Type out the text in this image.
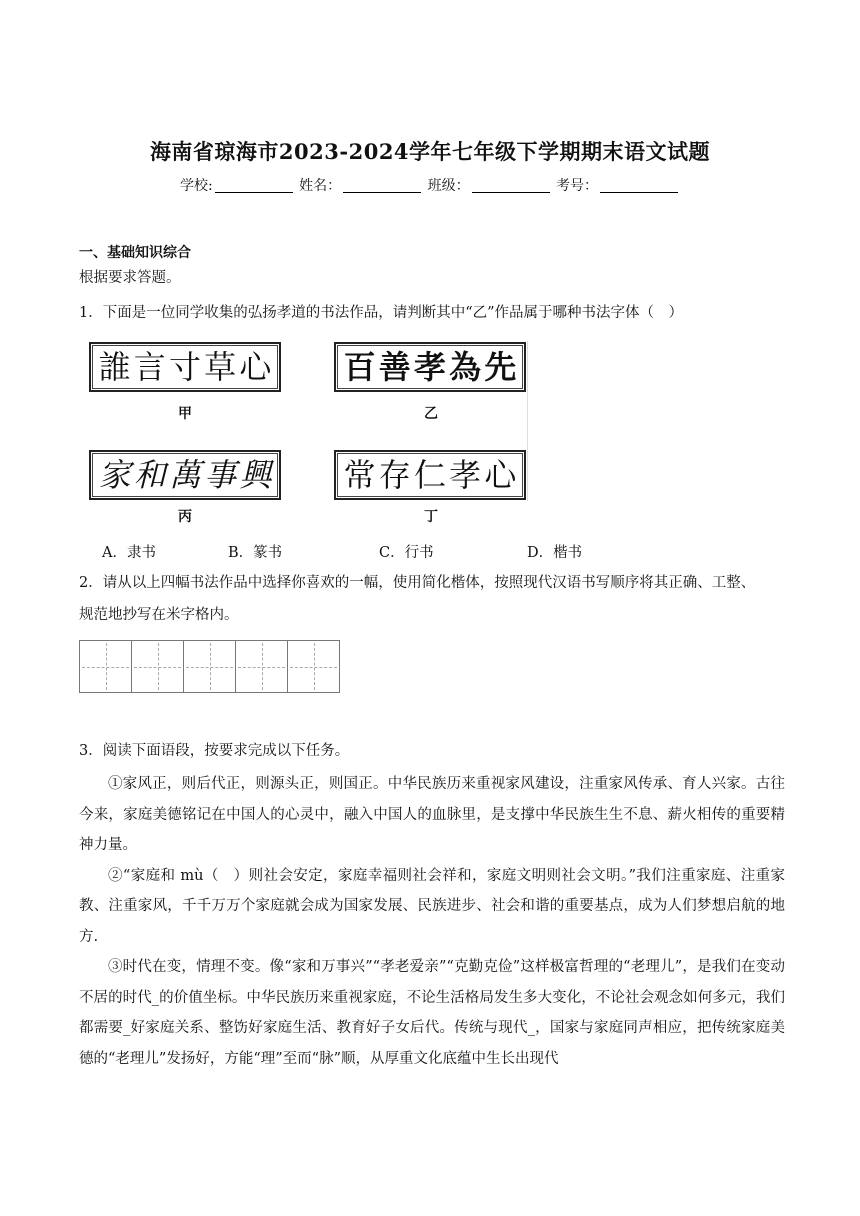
海南省琼海市2023-2024学年七年级下学期期末语文试题
学校:	姓名：	班级：	考号：
一、基础知识综合
根据要求答题。
1．下面是一位同学收集的弘扬孝道的书法作品，请判断其中“乙”作品属于哪种书法字体（　）
誰 言 寸 草 心
甲
百 善 孝 為 先
乙
家 和 萬 事 興
丙
常 存 仁 孝 心
丁
A．隶书	B．篆书	C．行书	D．楷书
2．请从以上四幅书法作品中选择你喜欢的一幅，使用简化楷体，按照现代汉语书写顺序将其正确、工整、
规范地抄写在米字格内。
3．阅读下面语段，按要求完成以下任务。

①家风正，则后代正，则源头正，则国正。中华民族历来重视家风建设，注重家风传承、育人兴家。古往今来，家庭美德铭记在中国人的心灵中，融入中国人的血脉里，是支撑中华民族生生不息、薪火相传的重要精神力量。

②“家庭和 mù（　）则社会安定，家庭幸福则社会祥和，家庭文明则社会文明。”我们注重家庭、注重家教、注重家风，千千万万个家庭就会成为国家发展、民族进步、社会和谐的重要基点，成为人们梦想启航的地方.

③时代在变，情理不变。像“家和万事兴”“孝老爱亲”“克勤克俭”这样极富哲理的“老理儿”，是我们在变动不居的时代_的价值坐标。中华民族历来重视家庭，不论生活格局发生多大变化，不论社会观念如何多元，我们都需要_好家庭关系、整饬好家庭生活、教育好子女后代。传统与现代_，国家与家庭同声相应，把传统家庭美德的“老理儿”发扬好，方能“理”至而“脉”顺，从厚重文化底蕴中生长出现代
